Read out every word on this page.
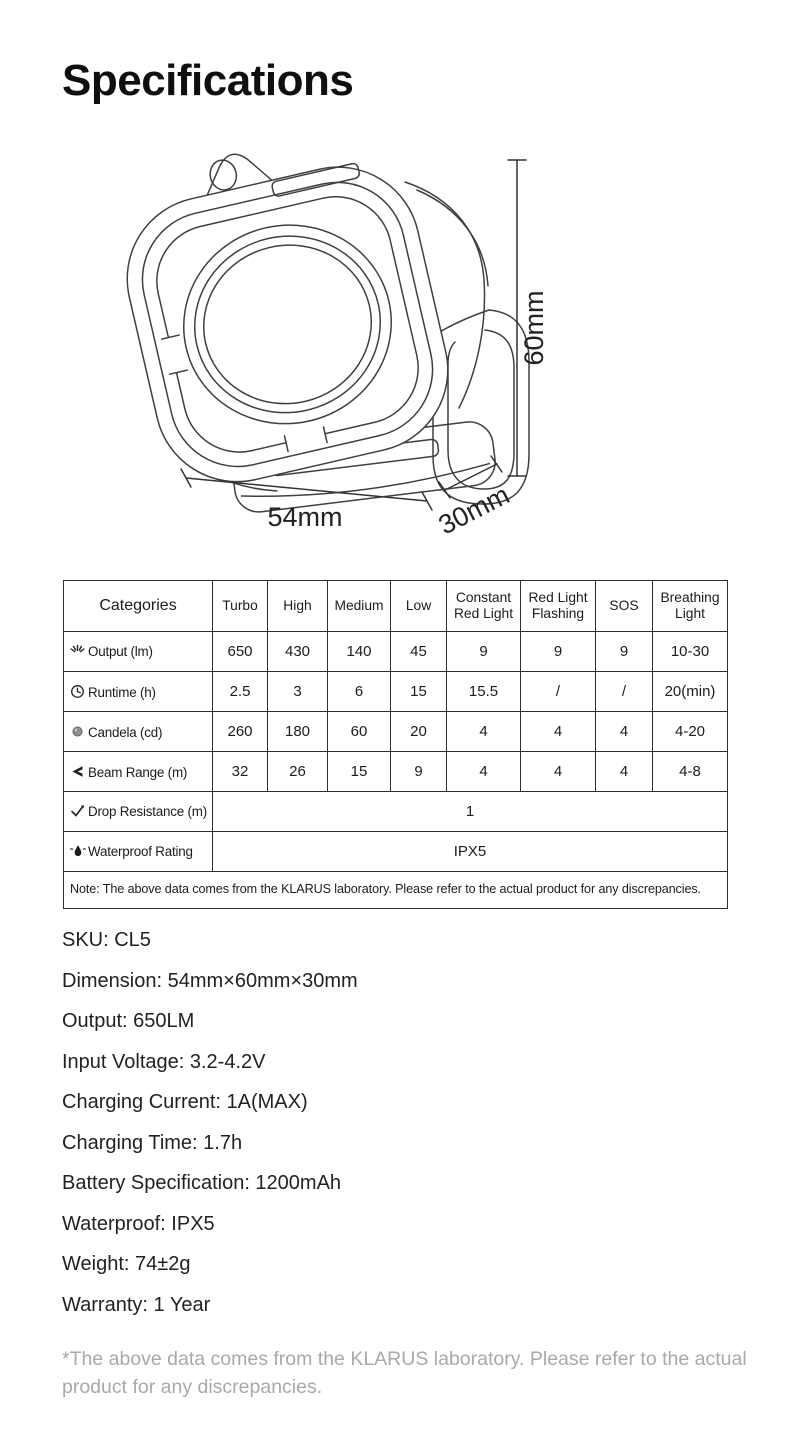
Specifications
60mm
54mm	30mm
Categories	Turbo	High	Medium	Low	Constant Red Light	Red Light Flashing	SOS	Breathing Light

Output (lm)	650	430	140	45	9	9	9	10-30

Runtime (h)	2.5	3	6	15	15.5	/	/	20(min)

Candela (cd)	260	180	60	20	4	4	4	4-20

Beam Range (m)	32	26	15	9	4	4	4	4-8

Drop Resistance (m)	1							

Waterproof Rating	IPX5							
Note: The above data comes from the KLARUS laboratory. Please refer to the actual product for any discrepancies.								
SKU: CL5
Dimension: 54mm×60mm×30mm
Output: 650LM
Input Voltage: 3.2-4.2V
Charging Current: 1A(MAX)
Charging Time: 1.7h
Battery Specification: 1200mAh
Waterproof: IPX5
Weight: 74±2g
Warranty: 1 Year
*The above data comes from the KLARUS laboratory. Please refer to the actual product for any discrepancies.
